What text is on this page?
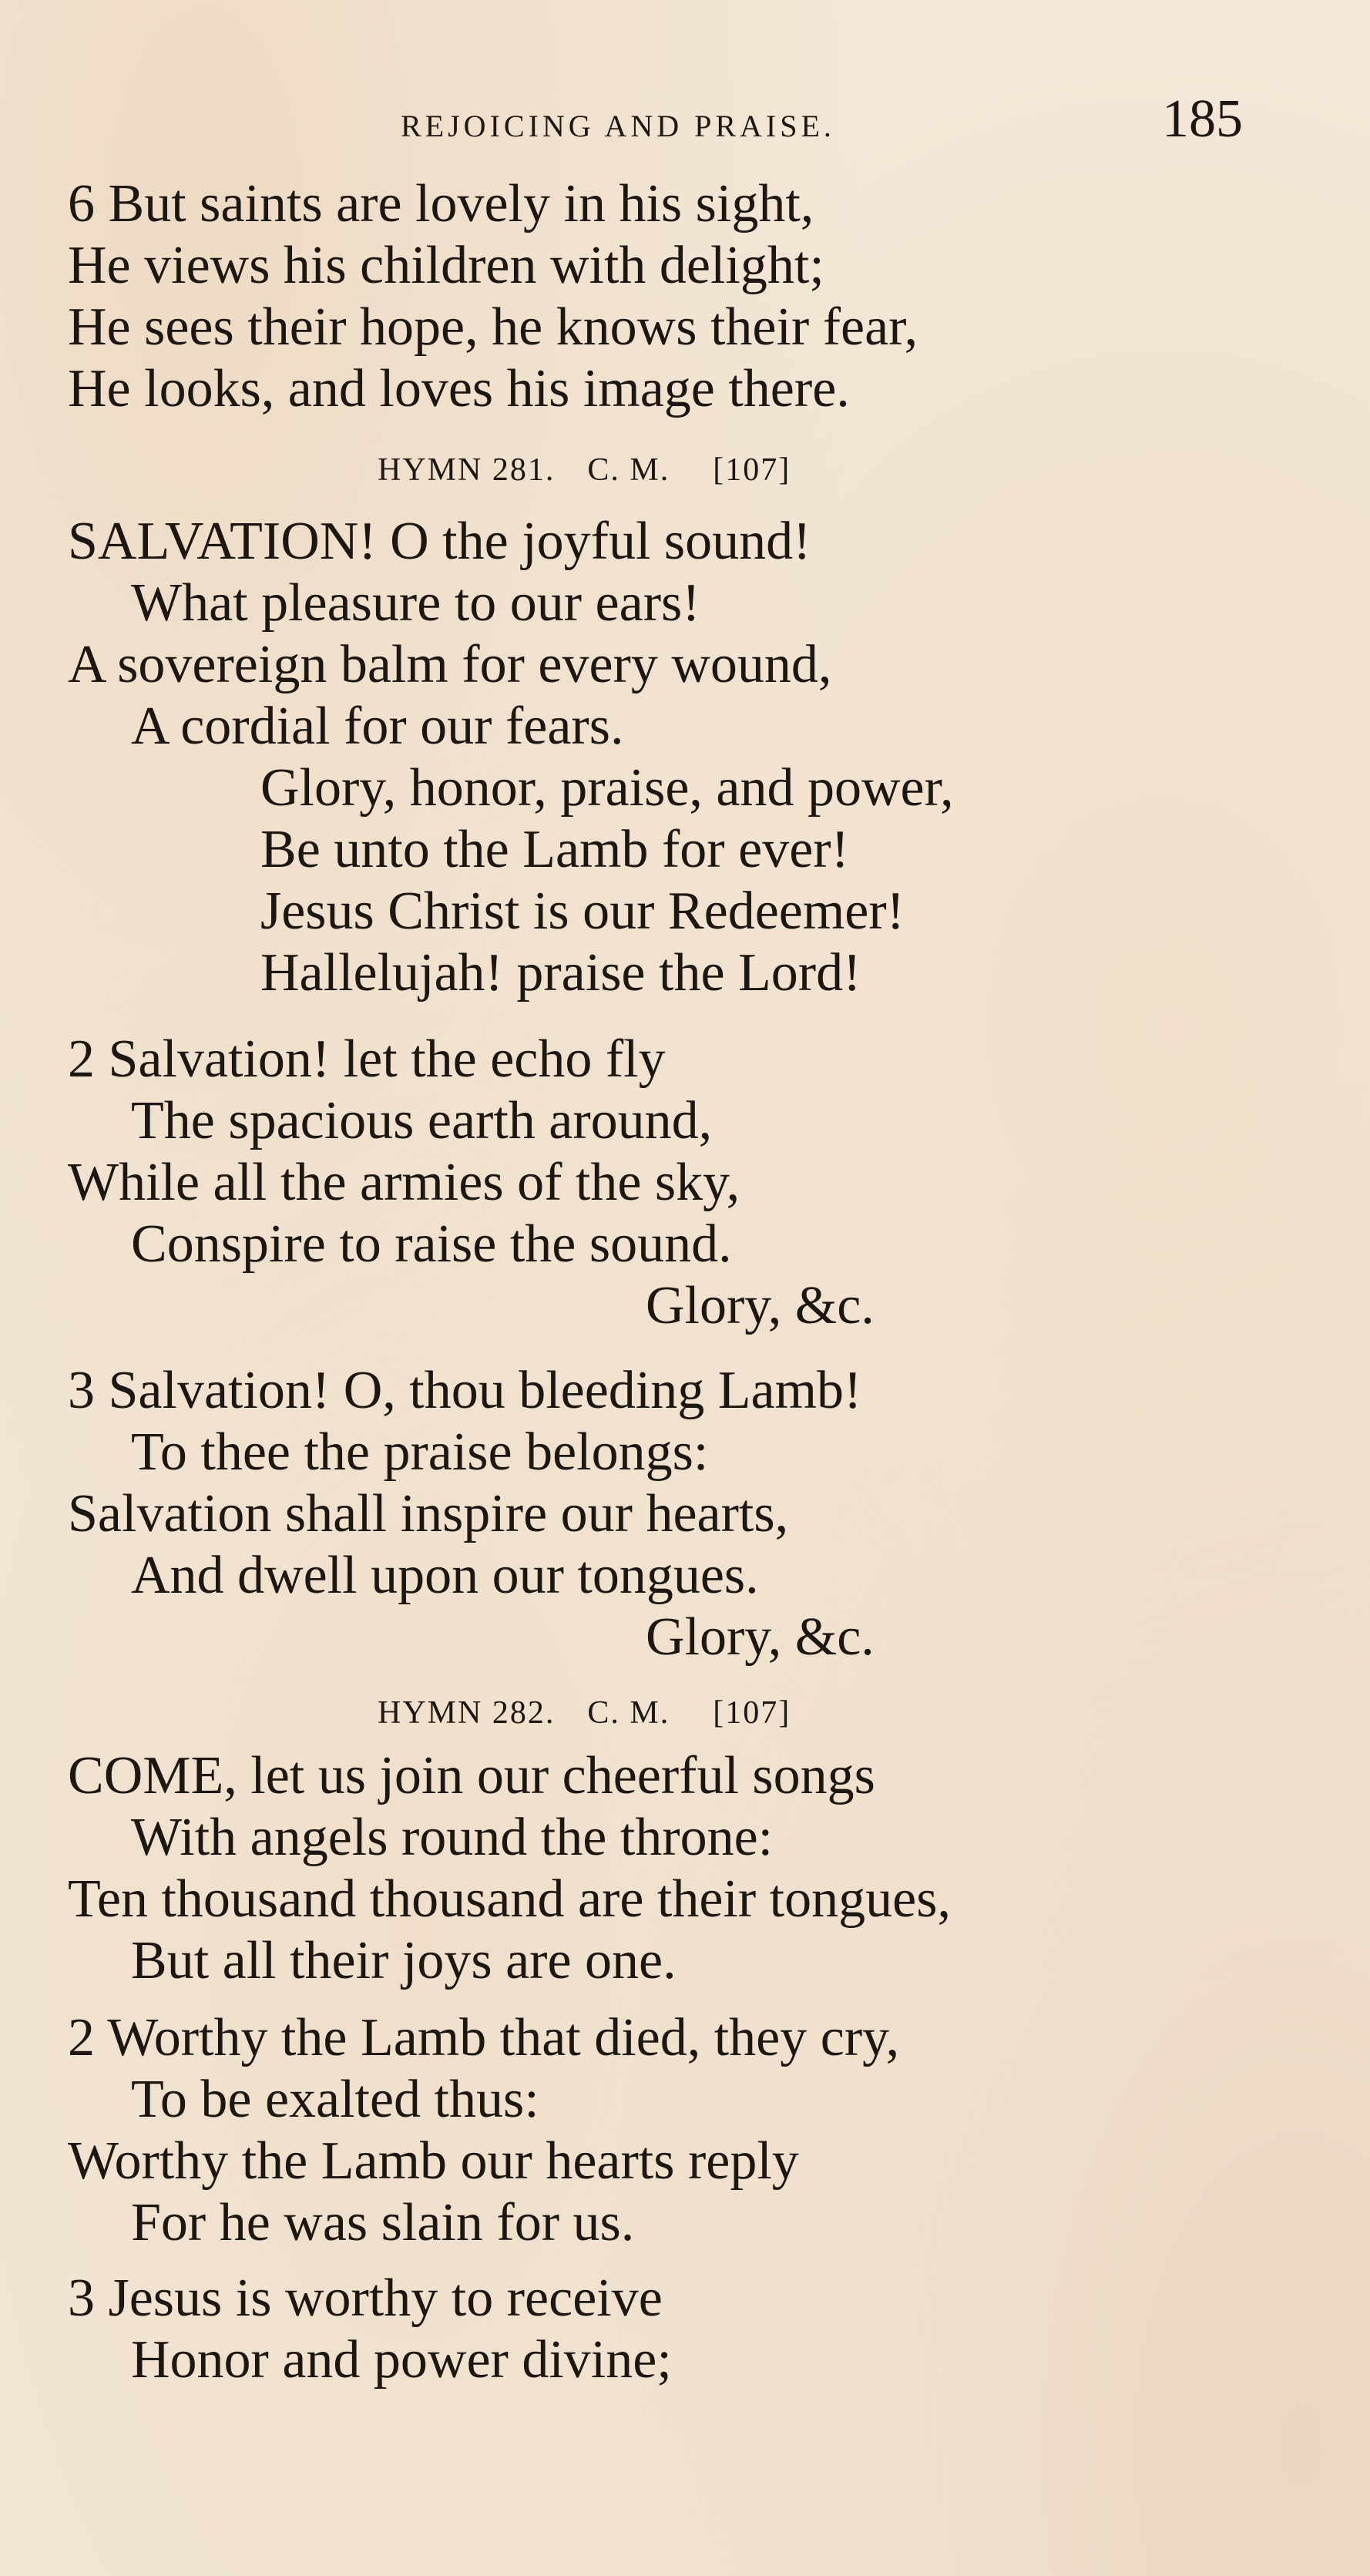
REJOICING AND PRAISE.	185
6 But saints are lovely in his sight,
He views his children with delight;
He sees their hope, he knows their fear,
He looks, and loves his image there.
HYMN 281. C. M. [107]
SALVATION! O the joyful sound!
What pleasure to our ears!
A sovereign balm for every wound,
A cordial for our fears.
Glory, honor, praise, and power,
Be unto the Lamb for ever!
Jesus Christ is our Redeemer!
Hallelujah! praise the Lord!
2 Salvation! let the echo fly
The spacious earth around,
While all the armies of the sky,
Conspire to raise the sound.
Glory, &c.
3 Salvation! O, thou bleeding Lamb!
To thee the praise belongs:
Salvation shall inspire our hearts,
And dwell upon our tongues.
Glory, &c.
HYMN 282. C. M. [107]
COME, let us join our cheerful songs
With angels round the throne:
Ten thousand thousand are their tongues,
But all their joys are one.
2 Worthy the Lamb that died, they cry,
To be exalted thus:
Worthy the Lamb our hearts reply
For he was slain for us.
3 Jesus is worthy to receive
Honor and power divine;
